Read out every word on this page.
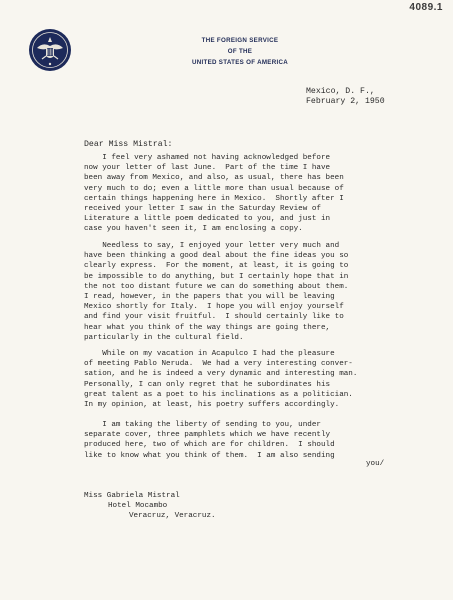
4089.1
THE FOREIGN SERVICE
OF THE
UNITED STATES OF AMERICA
Mexico, D. F.,
February 2, 1950
Dear Miss Mistral:
I feel very ashamed not having acknowledged before
now your letter of last June.  Part of the time I have
been away from Mexico, and also, as usual, there has been
very much to do; even a little more than usual because of
certain things happening here in Mexico.  Shortly after I
received your letter I saw in the Saturday Review of
Literature a little poem dedicated to you, and just in
case you haven't seen it, I am enclosing a copy.
Needless to say, I enjoyed your letter very much and
have been thinking a good deal about the fine ideas you so
clearly express.  For the moment, at least, it is going to
be impossible to do anything, but I certainly hope that in
the not too distant future we can do something about them.
I read, however, in the papers that you will be leaving
Mexico shortly for Italy.  I hope you will enjoy yourself
and find your visit fruitful.  I should certainly like to
hear what you think of the way things are going there,
particularly in the cultural field.
While on my vacation in Acapulco I had the pleasure
of meeting Pablo Neruda.  We had a very interesting conver-
sation, and he is indeed a very dynamic and interesting man.
Personally, I can only regret that he subordinates his
great talent as a poet to his inclinations as a politician.
In my opinion, at least, his poetry suffers accordingly.
I am taking the liberty of sending to you, under
separate cover, three pamphlets which we have recently
produced here, two of which are for children.  I should
like to know what you think of them.  I am also sending
you/
Miss Gabriela Mistral
Hotel Mocambo
Veracruz, Veracruz.
